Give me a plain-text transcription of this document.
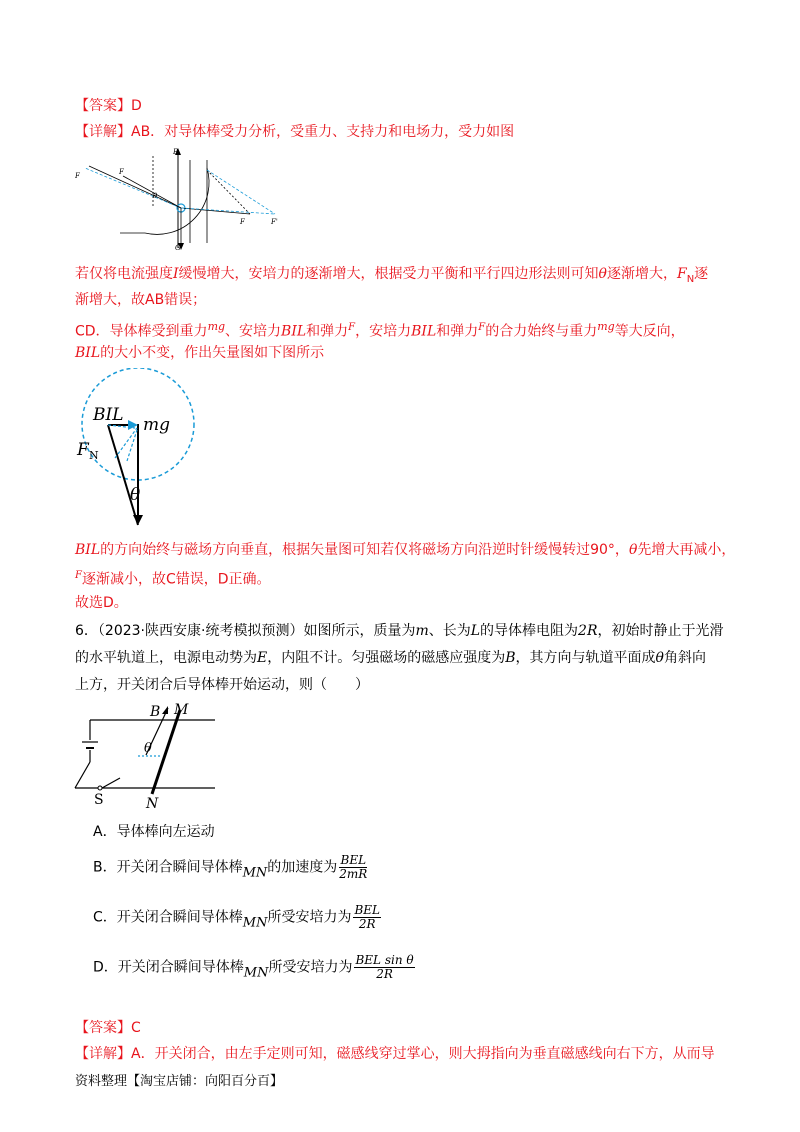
【答案】D
【详解】AB．对导体棒受力分析，受重力、支持力和电场力，受力如图
B
F	F
θ
F	F'
G
若仅将电流强度I缓慢增大，安培力的逐渐增大，根据受力平衡和平行四边形法则可知θ逐渐增大，$F_N$逐
渐增大，故AB错误；
CD．导体棒受到重力$^{mg}$、安培力BIL和弹力$^F$，安培力BIL和弹力$^F$的合力始终与重力$^{mg}$等大反向，
BIL的大小不变，作出矢量图如下图所示
BIL mg
F N
θ
BIL的方向始终与磁场方向垂直，根据矢量图可知若仅将磁场方向沿逆时针缓慢转过90°，θ先增大再减小，
$^F$逐渐减小，故C错误，D正确。
故选D。
6．（2023·陕西安康·统考模拟预测）如图所示，质量为m、长为L的导体棒电阻为2R，初始时静止于光滑
的水平轨道上，电源电动势为E，内阻不计。匀强磁场的磁感应强度为B，其方向与轨道平面成θ角斜向
上方，开关闭合后导体棒开始运动，则（　　）
B M
θ
N
S
A．导体棒向左运动
B．开关闭合瞬间导体棒MN的加速度为 $\frac{\text{BEL}}{2mR}$
C．开关闭合瞬间导体棒MN所受安培力为 $\frac{\text{BEL}}{2R}$
D．开关闭合瞬间导体棒MN所受安培力为 $\frac{\text{BEL sin θ}}{2R}$
【答案】C
【详解】A．开关闭合，由左手定则可知，磁感线穿过掌心，则大拇指向为垂直磁感线向右下方，从而导
资料整理【淘宝店铺：向阳百分百】
